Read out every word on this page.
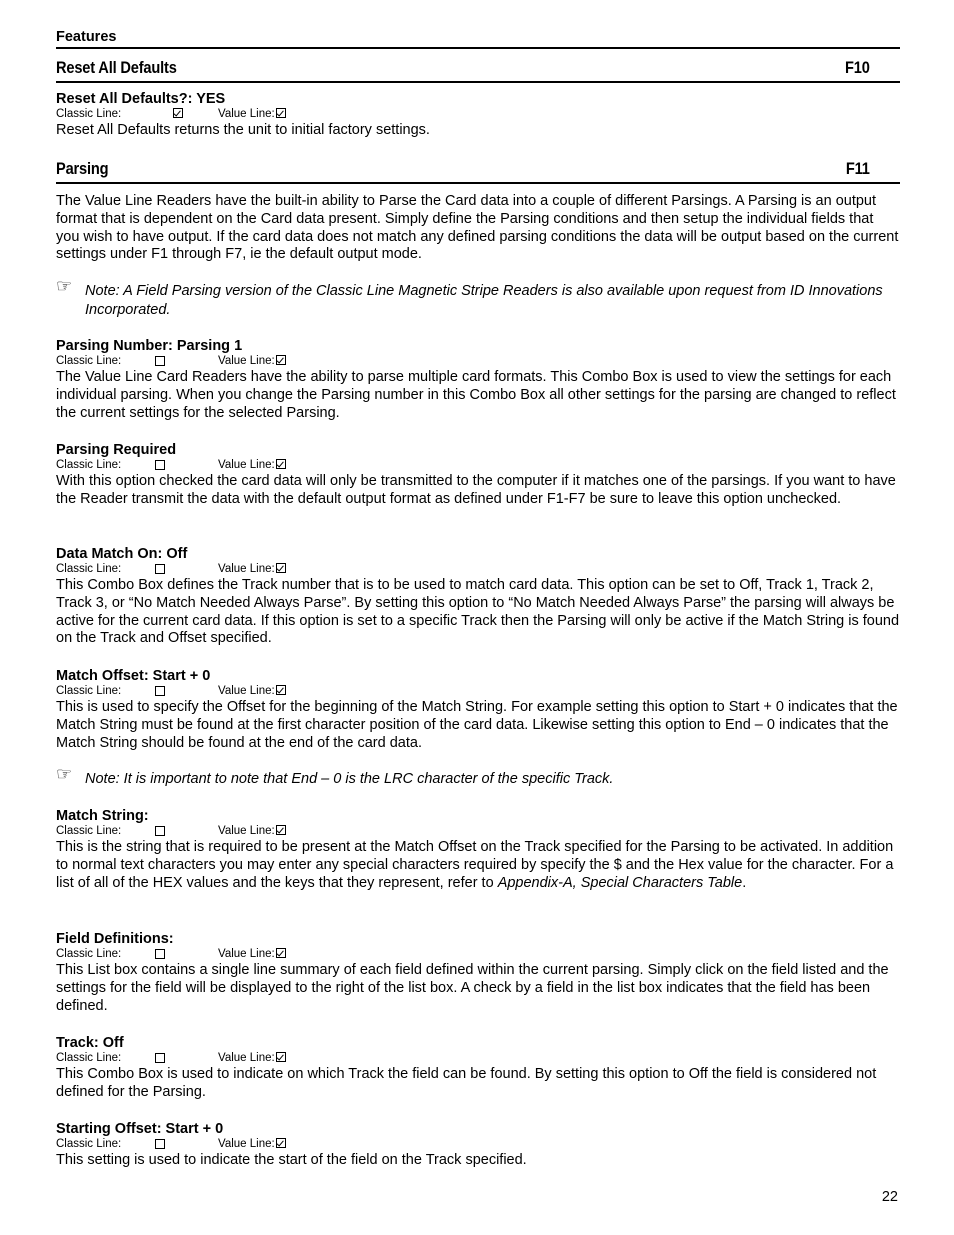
Features
Reset All Defaults	F10
Reset All Defaults?: YES
Classic Line:	Value Line:

Reset All Defaults returns the unit to initial factory settings.

Parsing	F11

The Value Line Readers have the built-in ability to Parse the Card data into a couple of different Parsings. A Parsing is an output format that is dependent on the Card data present. Simply define the Parsing conditions and then setup the individual fields that you wish to have output. If the card data does not match any defined parsing conditions the data will be output based on the current settings under F1 through F7, ie the default output mode.

☞ Note: A Field Parsing version of the Classic Line Magnetic Stripe Readers is also available upon request from ID Innovations Incorporated.
Parsing Number: Parsing 1
Classic Line:	Value Line:

The Value Line Card Readers have the ability to parse multiple card formats. This Combo Box is used to view the settings for each individual parsing. When you change the Parsing number in this Combo Box all other settings for the parsing are changed to reflect the current settings for the selected Parsing.

Parsing Required
Classic Line:	Value Line:

With this option checked the card data will only be transmitted to the computer if it matches one of the parsings. If you want to have the Reader transmit the data with the default output format as defined under F1-F7 be sure to leave this option unchecked.

Data Match On: Off
Classic Line:	Value Line:

This Combo Box defines the Track number that is to be used to match card data. This option can be set to Off, Track 1, Track 2, Track 3, or “No Match Needed Always Parse”. By setting this option to “No Match Needed Always Parse” the parsing will always be active for the current card data. If this option is set to a specific Track then the Parsing will only be active if the Match String is found on the Track and Offset specified.

Match Offset: Start + 0
Classic Line:	Value Line:

This is used to specify the Offset for the beginning of the Match String. For example setting this option to Start + 0 indicates that the Match String must be found at the first character position of the card data. Likewise setting this option to End – 0 indicates that the Match String should be found at the end of the card data.

☞ Note: It is important to note that End – 0 is the LRC character of the specific Track.
Match String:
Classic Line:	Value Line:

This is the string that is required to be present at the Match Offset on the Track specified for the Parsing to be activated. In addition to normal text characters you may enter any special characters required by specify the $ and the Hex value for the character. For a list of all of the HEX values and the keys that they represent, refer to Appendix-A, Special Characters Table.

Field Definitions:
Classic Line:	Value Line:

This List box contains a single line summary of each field defined within the current parsing. Simply click on the field listed and the settings for the field will be displayed to the right of the list box. A check by a field in the list box indicates that the field has been defined.

Track: Off
Classic Line:	Value Line:

This Combo Box is used to indicate on which Track the field can be found. By setting this option to Off the field is considered not defined for the Parsing.

Starting Offset: Start + 0
Classic Line:	Value Line:

This setting is used to indicate the start of the field on the Track specified.

22
